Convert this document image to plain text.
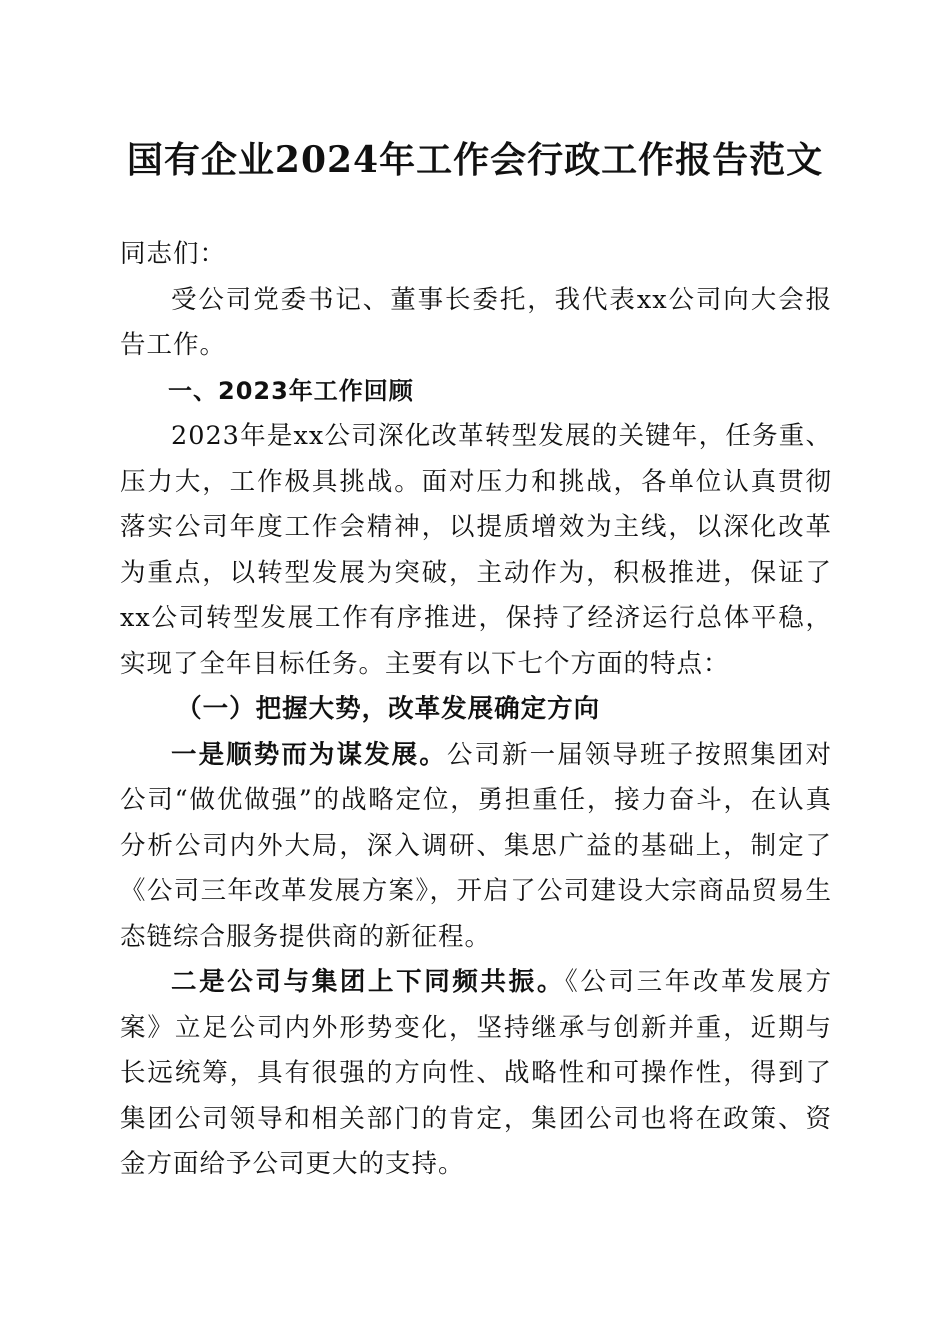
国有企业2024年工作会行政工作报告范文

同志们：

受公司党委书记、董事长委托，我代表xx公司向大会报告工作。

一、2023年工作回顾

2023年是xx公司深化改革转型发展的关键年，任务重、压力大，工作极具挑战。面对压力和挑战，各单位认真贯彻落实公司年度工作会精神，以提质增效为主线，以深化改革为重点，以转型发展为突破，主动作为，积极推进，保证了xx公司转型发展工作有序推进，保持了经济运行总体平稳，实现了全年目标任务。主要有以下七个方面的特点：

（一）把握大势，改革发展确定方向

一是顺势而为谋发展。公司新一届领导班子按照集团对公司“做优做强”的战略定位，勇担重任，接力奋斗，在认真分析公司内外大局，深入调研、集思广益的基础上，制定了《公司三年改革发展方案》，开启了公司建设大宗商品贸易生态链综合服务提供商的新征程。

二是公司与集团上下同频共振。《公司三年改革发展方案》立足公司内外形势变化，坚持继承与创新并重，近期与长远统筹，具有很强的方向性、战略性和可操作性，得到了集团公司领导和相关部门的肯定，集团公司也将在政策、资金方面给予公司更大的支持。
